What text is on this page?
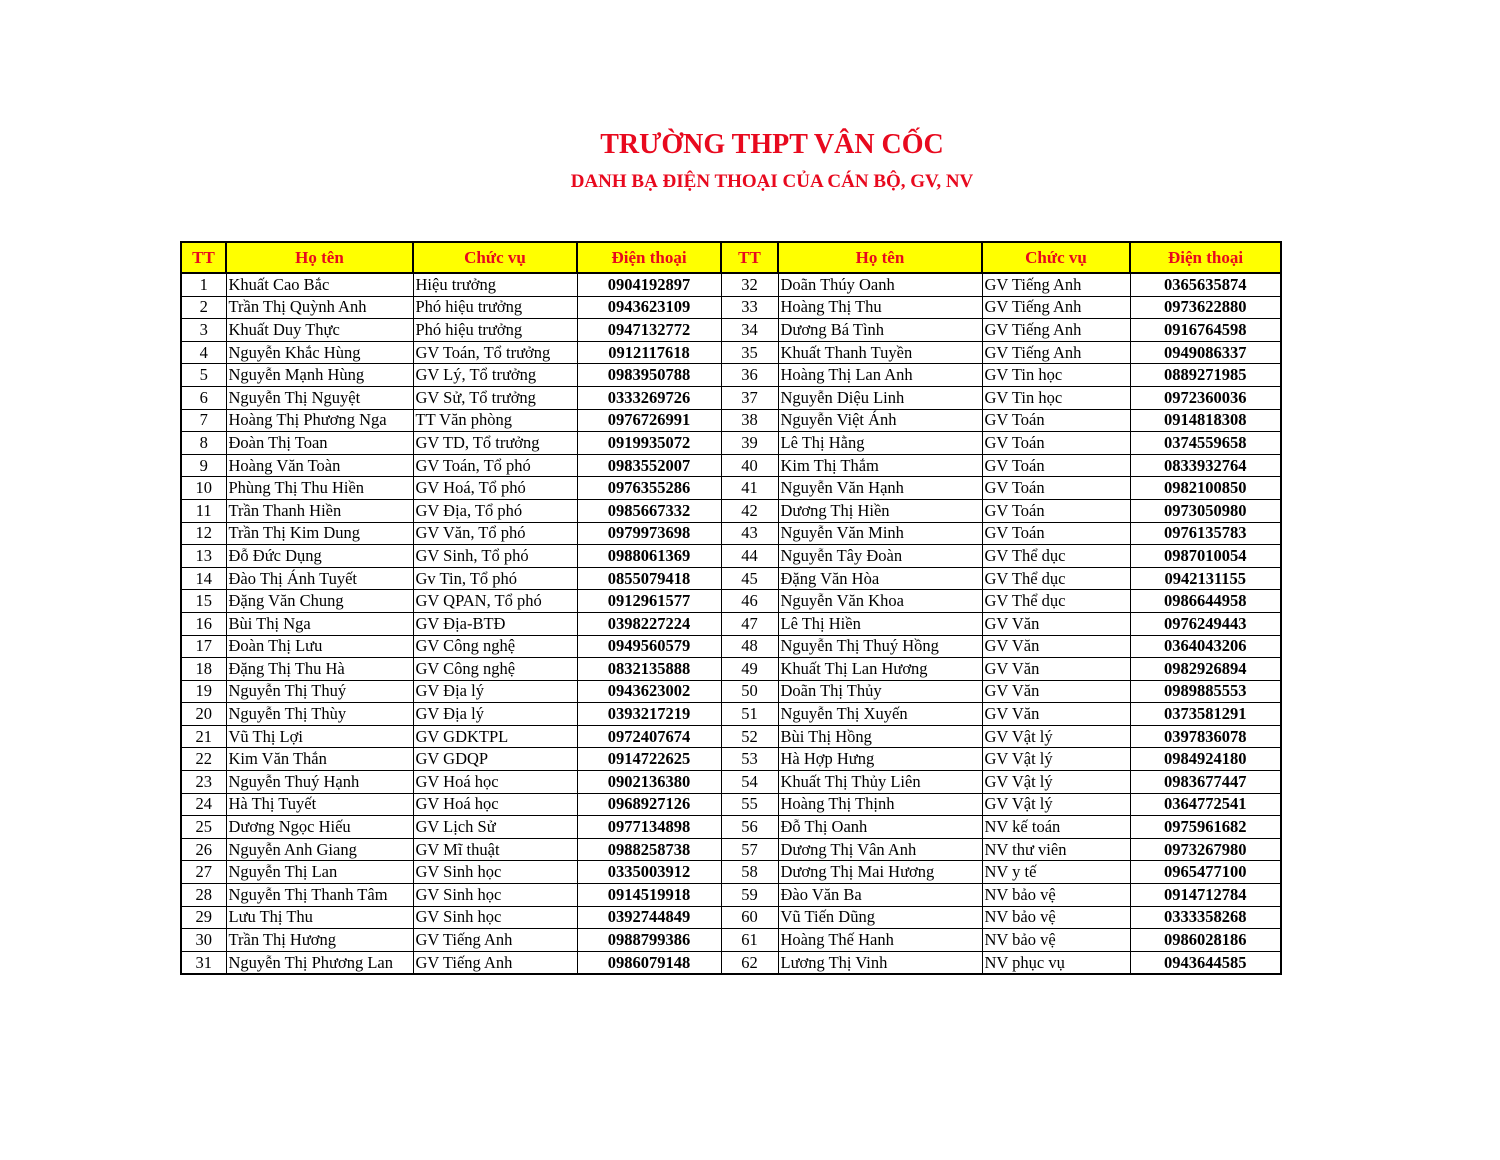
TRƯỜNG THPT VÂN CỐC
DANH BẠ ĐIỆN THOẠI CỦA CÁN BỘ, GV, NV
TT	Họ tên	Chức vụ	Điện thoại	TT	Họ tên	Chức vụ	Điện thoại
1	Khuất Cao Bắc	Hiệu trưởng	0904192897	32	Doãn Thúy Oanh	GV Tiếng Anh	0365635874
2	Trần Thị Quỳnh Anh	Phó hiệu trưởng	0943623109	33	Hoàng Thị Thu	GV Tiếng Anh	0973622880
3	Khuất Duy Thực	Phó hiệu trưởng	0947132772	34	Dương Bá Tình	GV Tiếng Anh	0916764598
4	Nguyễn Khắc Hùng	GV Toán, Tổ trưởng	0912117618	35	Khuất Thanh Tuyền	GV Tiếng Anh	0949086337
5	Nguyễn Mạnh Hùng	GV Lý, Tổ trưởng	0983950788	36	Hoàng Thị Lan Anh	GV Tin học	0889271985
6	Nguyễn Thị Nguyệt	GV Sử, Tổ trưởng	0333269726	37	Nguyễn Diệu Linh	GV Tin học	0972360036
7	Hoàng Thị Phương Nga	TT Văn phòng	0976726991	38	Nguyễn Việt Ánh	GV Toán	0914818308
8	Đoàn Thị Toan	GV TD, Tổ trưởng	0919935072	39	Lê Thị Hằng	GV Toán	0374559658
9	Hoàng Văn Toàn	GV Toán, Tổ phó	0983552007	40	Kim Thị Thắm	GV Toán	0833932764
10	Phùng Thị Thu Hiền	GV Hoá, Tổ phó	0976355286	41	Nguyễn Văn Hạnh	GV Toán	0982100850
11	Trần Thanh Hiền	GV Địa, Tổ phó	0985667332	42	Dương Thị Hiền	GV Toán	0973050980
12	Trần Thị Kim Dung	GV Văn, Tổ phó	0979973698	43	Nguyễn Văn Minh	GV Toán	0976135783
13	Đỗ Đức Dụng	GV Sinh, Tổ phó	0988061369	44	Nguyễn Tây Đoàn	GV Thể dục	0987010054
14	Đào Thị Ánh Tuyết	Gv Tin, Tổ phó	0855079418	45	Đặng Văn Hòa	GV Thể dục	0942131155
15	Đặng Văn Chung	GV QPAN, Tổ phó	0912961577	46	Nguyễn Văn Khoa	GV Thể dục	0986644958
16	Bùi Thị Nga	GV Địa-BTĐ	0398227224	47	Lê Thị Hiền	GV Văn	0976249443
17	Đoàn Thị Lưu	GV Công nghệ	0949560579	48	Nguyễn Thị Thuý Hồng	GV Văn	0364043206
18	Đặng Thị Thu Hà	GV Công nghệ	0832135888	49	Khuất Thị Lan Hương	GV Văn	0982926894
19	Nguyễn Thị Thuý	GV Địa lý	0943623002	50	Doãn Thị Thủy	GV Văn	0989885553
20	Nguyễn Thị Thùy	GV Địa lý	0393217219	51	Nguyễn Thị Xuyến	GV Văn	0373581291
21	Vũ Thị Lợi	GV GDKTPL	0972407674	52	Bùi Thị Hồng	GV Vật lý	0397836078
22	Kim Văn Thắn	GV GDQP	0914722625	53	Hà Hợp Hưng	GV Vật lý	0984924180
23	Nguyễn Thuý Hạnh	GV Hoá học	0902136380	54	Khuất Thị Thủy Liên	GV Vật lý	0983677447
24	Hà Thị Tuyết	GV Hoá học	0968927126	55	Hoàng Thị Thịnh	GV Vật lý	0364772541
25	Dương Ngọc Hiếu	GV Lịch Sử	0977134898	56	Đỗ Thị Oanh	NV kế toán	0975961682
26	Nguyễn Anh Giang	GV Mĩ thuật	0988258738	57	Dương Thị Vân Anh	NV thư viên	0973267980
27	Nguyễn Thị Lan	GV Sinh học	0335003912	58	Dương Thị Mai Hương	NV y tế	0965477100
28	Nguyễn Thị Thanh Tâm	GV Sinh học	0914519918	59	Đào Văn Ba	NV bảo vệ	0914712784
29	Lưu Thị Thu	GV Sinh học	0392744849	60	Vũ Tiến Dũng	NV bảo vệ	0333358268
30	Trần Thị Hương	GV Tiếng Anh	0988799386	61	Hoàng Thế Hanh	NV bảo vệ	0986028186
31	Nguyễn Thị Phương Lan	GV Tiếng Anh	0986079148	62	Lương Thị Vinh	NV phục vụ	0943644585
